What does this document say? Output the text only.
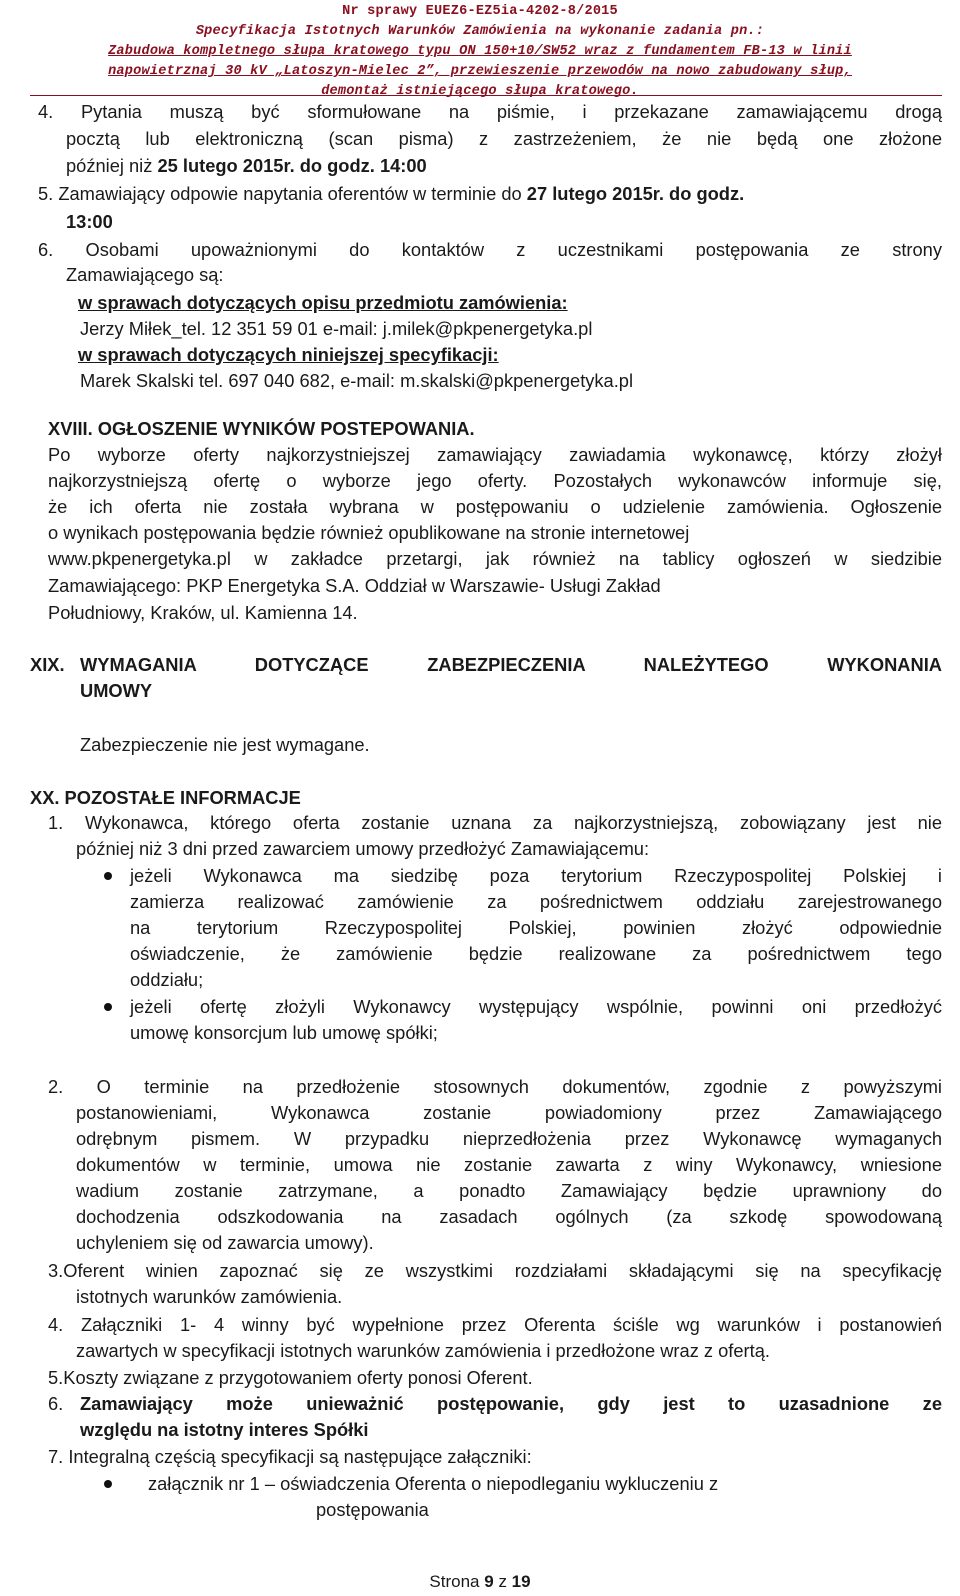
Nr sprawy EUEZ6-EZ5ia-4202-8/2015
Specyfikacja Istotnych Warunków Zamówienia na wykonanie zadania pn.:
Zabudowa kompletnego słupa kratowego typu ON 150+10/SW52 wraz z fundamentem FB-13 w linii
napowietrznaj 30 kV „Latoszyn-Mielec 2”, przewieszenie przewodów na nowo zabudowany słup,
demontaż istniejącego słupa kratowego.
4. Pytania muszą być sformułowane na piśmie, i przekazane zamawiającemu drogą
pocztą lub elektroniczną (scan pisma) z zastrzeżeniem, że nie będą one złożone
później niż 25 lutego 2015r. do godz. 14:00
5. Zamawiający odpowie napytania oferentów w terminie do 27 lutego 2015r. do godz.
13:00
6. Osobami upoważnionymi do kontaktów z uczestnikami postępowania ze strony
Zamawiającego są:
w sprawach dotyczących opisu przedmiotu zamówienia:
Jerzy Miłek_tel. 12 351 59 01 e-mail: j.milek@pkpenergetyka.pl
w sprawach dotyczących niniejszej specyfikacji:
Marek Skalski tel. 697 040 682, e-mail: m.skalski@pkpenergetyka.pl
XVIII. OGŁOSZENIE WYNIKÓW POSTEPOWANIA.
Po wyborze oferty najkorzystniejszej zamawiający zawiadamia wykonawcę, którzy złożył
najkorzystniejszą ofertę o wyborze jego oferty. Pozostałych wykonawców informuje się,
że ich oferta nie została wybrana w postępowaniu o udzielenie zamówienia. Ogłoszenie
o wynikach postępowania będzie również opublikowane na stronie internetowej
www.pkpenergetyka.pl w zakładce przetargi, jak również na tablicy ogłoszeń w siedzibie
Zamawiającego: PKP Energetyka S.A. Oddział w Warszawie- Usługi Zakład
Południowy, Kraków, ul. Kamienna 14.
XIX. WYMAGANIA DOTYCZĄCE ZABEZPIECZENIA NALEŻYTEGO WYKONANIA
UMOWY
Zabezpieczenie nie jest wymagane.
XX. POZOSTAŁE INFORMACJE
1. Wykonawca, którego oferta zostanie uznana za najkorzystniejszą, zobowiązany jest nie
później niż 3 dni przed zawarciem umowy przedłożyć Zamawiającemu:
jeżeli Wykonawca ma siedzibę poza terytorium Rzeczypospolitej Polskiej i
zamierza realizować zamówienie za pośrednictwem oddziału zarejestrowanego
na terytorium Rzeczypospolitej Polskiej, powinien złożyć odpowiednie
oświadczenie, że zamówienie będzie realizowane za pośrednictwem tego
oddziału;
jeżeli ofertę złożyli Wykonawcy występujący wspólnie, powinni oni przedłożyć
umowę konsorcjum lub umowę spółki;
2. O terminie na przedłożenie stosownych dokumentów, zgodnie z powyższymi
postanowieniami, Wykonawca zostanie powiadomiony przez Zamawiającego
odrębnym pismem. W przypadku nieprzedłożenia przez Wykonawcę wymaganych
dokumentów w terminie, umowa nie zostanie zawarta z winy Wykonawcy, wniesione
wadium zostanie zatrzymane, a ponadto Zamawiający będzie uprawniony do
dochodzenia odszkodowania na zasadach ogólnych (za szkodę spowodowaną
uchyleniem się od zawarcia umowy).
3.Oferent winien zapoznać się ze wszystkimi rozdziałami składającymi się na specyfikację
istotnych warunków zamówienia.
4. Załączniki 1- 4 winny być wypełnione przez Oferenta ściśle wg warunków i postanowień
zawartych w specyfikacji istotnych warunków zamówienia i przedłożone wraz z ofertą.
5.Koszty związane z przygotowaniem oferty ponosi Oferent.
6. Zamawiający może unieważnić postępowanie, gdy jest to uzasadnione ze
względu na istotny interes Spółki
7. Integralną częścią specyfikacji są następujące załączniki:
załącznik nr 1 – oświadczenia Oferenta o niepodleganiu wykluczeniu z
postępowania
Strona 9 z 19
